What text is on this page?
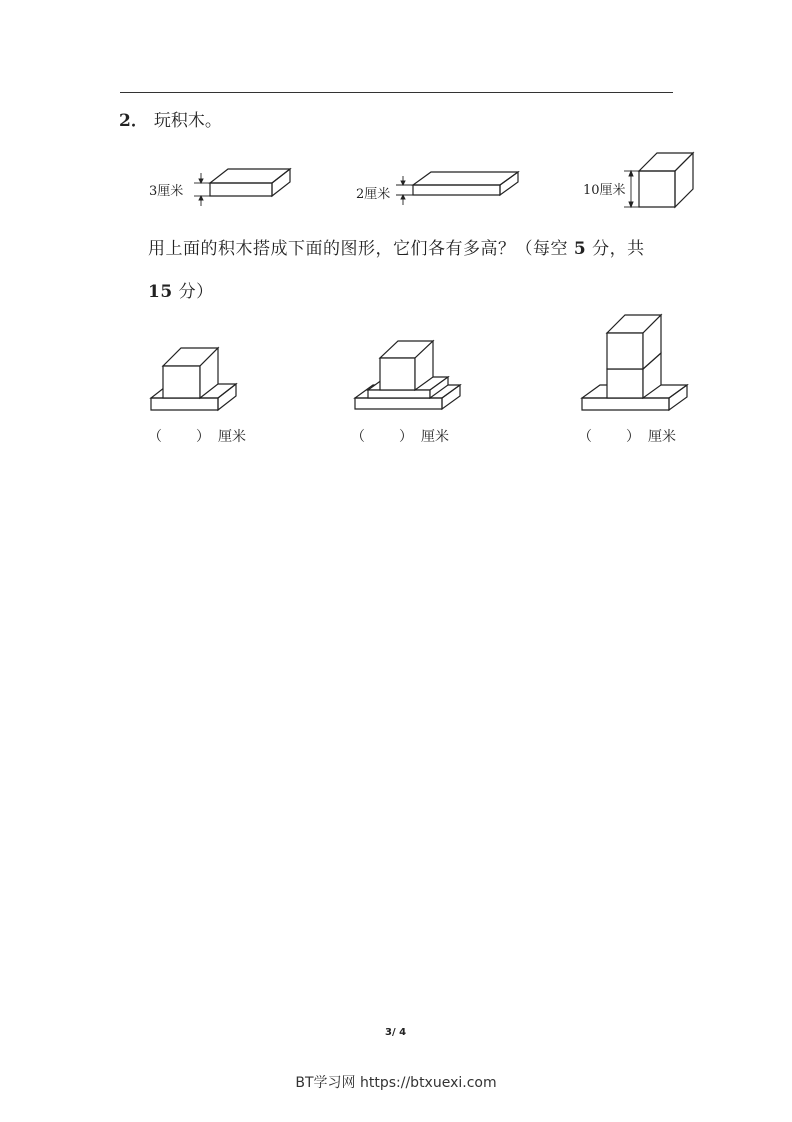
2． 玩积木。
3厘米	2厘米	10厘米
用上面的积木搭成下面的图形，它们各有多高？（每空 5 分，共
15 分）
（ ） 厘米	（ ） 厘米	（ ） 厘米
3/ 4
BT学习网 https://btxuexi.com
